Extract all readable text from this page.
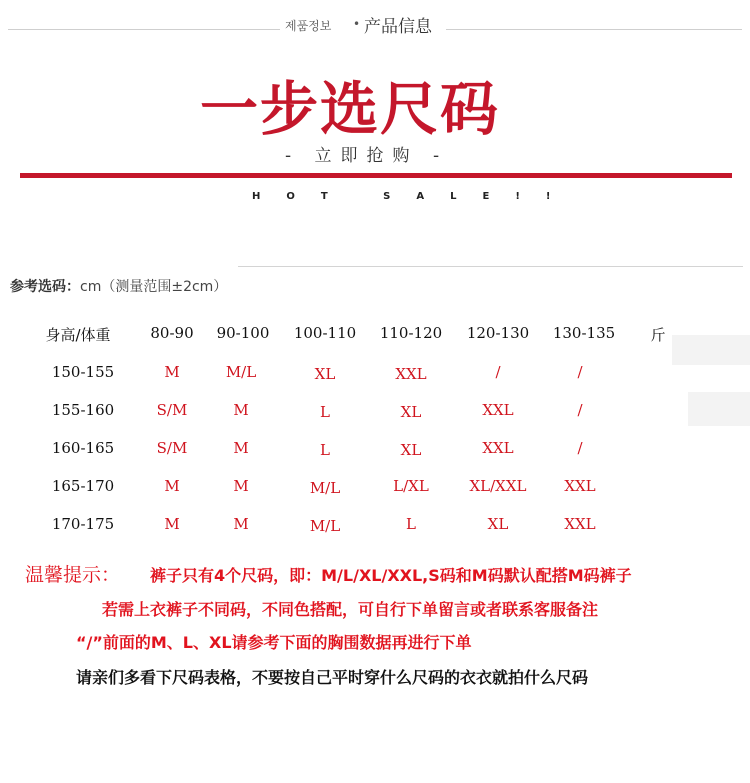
제품정보 • 产品信息
一步选尺码
- 立即抢购 -
HOT SALE!!
参考选码：cm（测量范围±2cm）
身高/体重	80-90	90-100	100-110	110-120	120-130	130-135	斤
150-155	M	M/L	XL	XXL	/	/
155-160	S/M	M	L	XL	XXL	/
160-165	S/M	M	L	XL	XXL	/
165-170	M	M	M/L	L/XL	XL/XXL	XXL
170-175	M	M	M/L	L	XL	XXL
温馨提示： 裤子只有4个尺码，即：M/L/XL/XXL,S码和M码默认配搭M码裤子
若需上衣裤子不同码，不同色搭配，可自行下单留言或者联系客服备注
“/”前面的M、L、XL请参考下面的胸围数据再进行下单
请亲们多看下尺码表格，不要按自己平时穿什么尺码的衣衣就拍什么尺码
